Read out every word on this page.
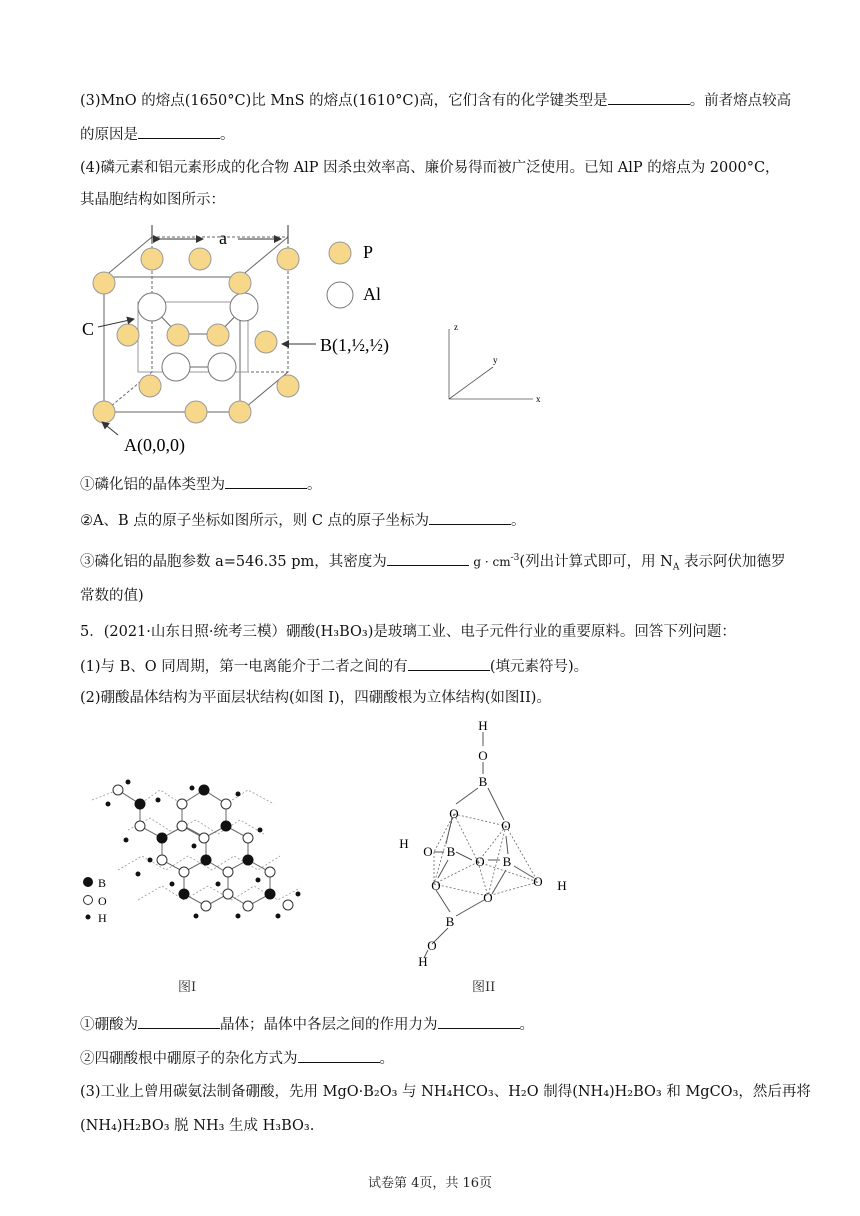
(3)MnO 的熔点(1650°C)比 MnS 的熔点(1610°C)高，它们含有的化学键类型是	。前者熔点较高
的原因是	。
(4)磷元素和铝元素形成的化合物 AlP 因杀虫效率高、廉价易得而被广泛使用。已知 AlP 的熔点为 2000°C，
其晶胞结构如图所示：
a
C
B(1,½,½)
A(0,0,0)
P
Al
z
y
x
①磷化铝的晶体类型为	。
②A、B 点的原子坐标如图所示，则 C 点的原子坐标为	。
③磷化铝的晶胞参数 a=546.35 pm，其密度为	$g \cdot cm^{-3}$(列出计算式即可，用 $N_A$ 表示阿伏加德罗
常数的值)
5．(2021·山东日照·统考三模）硼酸(H₃BO₃)是玻璃工业、电子元件行业的重要原料。回答下列问题：
(1)与 B、O 同周期，第一电离能介于二者之间的有	(填元素符号)。
(2)硼酸晶体结构为平面层状结构(如图 I)，四硼酸根为立体结构(如图II)。
B
O
H
图I
H
O
B
O
O
H
O B
O B
O H
O
O
B
O
H
图II
①硼酸为	晶体；晶体中各层之间的作用力为	。
②四硼酸根中硼原子的杂化方式为	。
(3)工业上曾用碳氨法制备硼酸，先用 MgO·B₂O₃ 与 NH₄HCO₃、H₂O 制得(NH₄)H₂BO₃ 和 MgCO₃，然后再将
(NH₄)H₂BO₃ 脱 NH₃ 生成 H₃BO₃.
试卷第 4页，共 16页
